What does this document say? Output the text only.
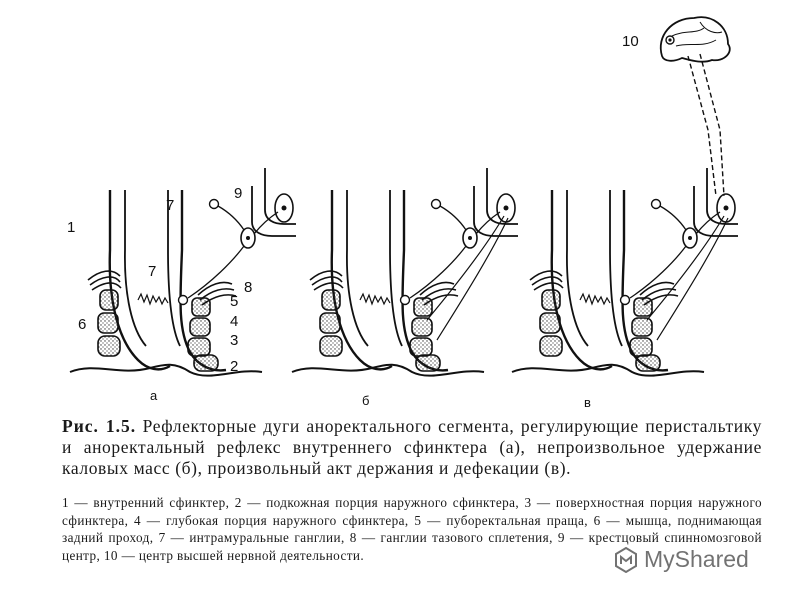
1
2
3
4
5
6
7
7
8
9
10
а	б	в
Рис. 1.5. Рефлекторные дуги аноректального сегмента, регулирующие перистальтику и аноректальный рефлекс внутреннего сфинктера (а), непроизвольное удержание каловых масс (б), произвольный акт держания и дефекации (в).
1 — внутренний сфинктер, 2 — подкожная порция наружного сфинктера, 3 — поверхностная порция наружного сфинктера, 4 — глубокая порция наружного сфинктера, 5 — пуборектальная праща, 6 — мышца, поднимающая задний проход, 7 — интрамуральные ганглии, 8 — ганглии тазового сплетения, 9 — крестцовый спинномозговой центр, 10 — центр высшей нервной деятельности.	MyShared
